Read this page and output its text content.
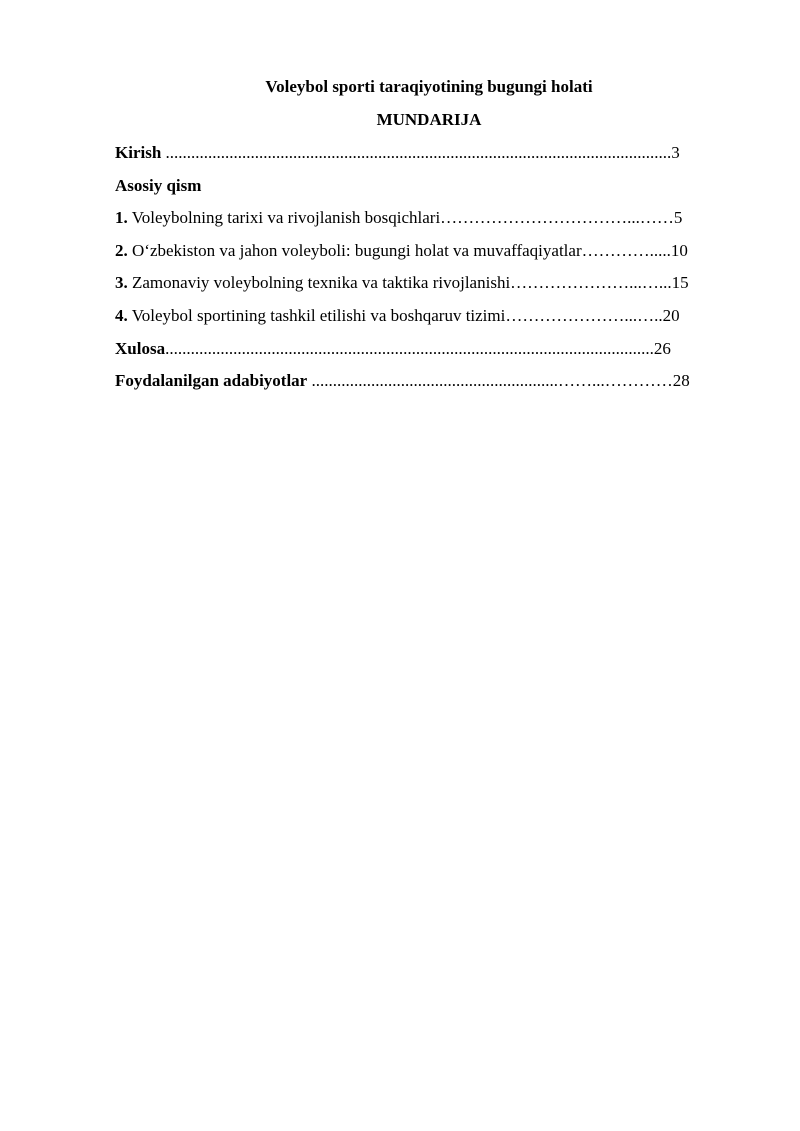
Voleybol sporti taraqiyotining bugungi holati
MUNDARIJA
Kirish .......................................................................................................................3
Asosiy qism
1. Voleybolning tarixi va rivojlanish bosqichlari……………………………...……5
2. O‘zbekiston va jahon voleyboli: bugungi holat va muvaffaqiyatlar………….....10
3. Zamonaviy voleybolning texnika va taktika rivojlanishi…………………...…...15
4. Voleybol sportining tashkil etilishi va boshqaruv tizimi…………………...…..20
Xulosa...................................................................................................................26
Foydalanilgan adabiyotlar ..........................................................……...…………28
